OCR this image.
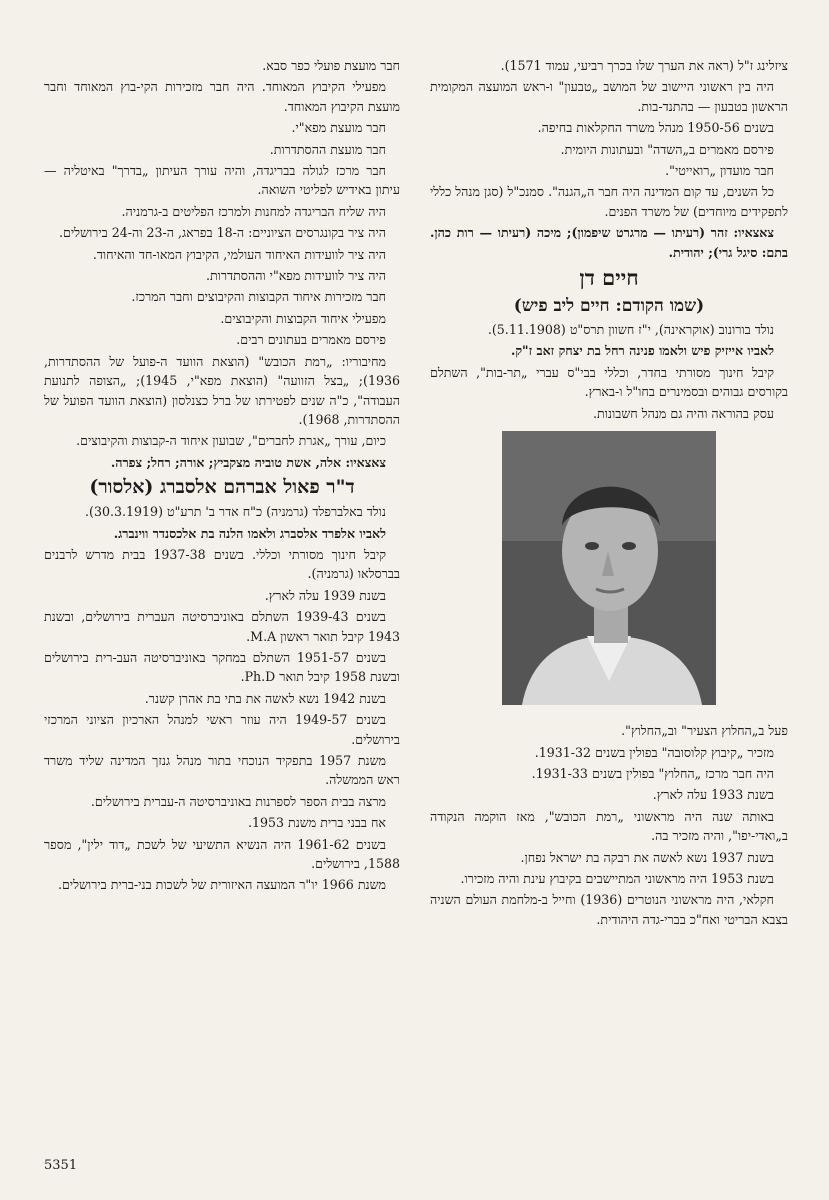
ציזלינג ז"ל (ראה את הערך שלו בכרך רביעי, עמוד 1571).

היה בין ראשוני היישוב של המושב „טבעון" ו-ראש המועצה המקומית הראשון בטבעון — בהתנד-בות.

בשנים 1950-56 מנהל משרד החקלאות בחיפה.

פירסם מאמרים ב„השדה" ובעתונות היומית.

חבר מועדון „רואייטי".

כל השנים, עד קום המדינה היה חבר ה„הגנה". סמנכ"ל (סגן מנהל כללי לתפקידים מיוחדים) של משרד הפנים.

צאצאיו: זהר (רעיתו — מרגרט שיפמון); מיכה (רעיתו — רות כהן. בתם: סיגל גרי); יהודית.

חיים דן

(שמו הקודם: חיים ליב פיש)

נולד בורונוב (אוקראינה), י"ז חשוון תרס"ט (5.11.1908).

לאביו אייזיק פיש ולאמו פנינה רחל בת יצחק זאב ז"ק.

קיבל חינוך מסורתי בחדר, וכללי בבי"ס עברי „תר-בות", השתלם בקורסים גבוהים ובסמינרים בחו"ל ו-בארץ.

עסק בהוראה והיה גם מנהל חשבונות.

פעל ב„החלוץ הצעיר" וב„החלוץ".

מזכיר „קיבוץ קלוסובה" בפולין בשנים 1931-32.

היה חבר מרכז „החלוץ" בפולין בשנים 1931-33.

בשנת 1933 עלה לארץ.

באותה שנה היה מראשוני „רמת הכובש", מאז הוקמה הנקודה ב„ואדי-יפו", והיה מזכיר בה.

בשנת 1937 נשא לאשה את רבקה בת ישראל נפחן.

בשנת 1953 היה מראשוני המתיישבים בקיבוץ עינת והיה מזכירו.

חקלאי, היה מראשוני הנוטרים (1936) וחייל ב-מלחמת העולם השניה בצבא הבריטי ואח"כ בברי-גדה היהודית.

חבר מועצת פועלי כפר סבא.

מפעילי הקיבוץ המאוחד. היה חבר מזכירות הקי-בוץ המאוחד וחבר מועצת הקיבוץ המאוחד.

חבר מועצת מפא"י.

חבר מועצת ההסתדרות.

חבר מרכז לגולה בבריגדה, והיה עורך העיתון „בדרך" באיטליה — עיתון באידיש לפליטי השואה.

היה שליח הבריגדה למחנות ולמרכז הפליטים ב-גרמניה.

היה ציר בקונגרסים הציוניים: ה-18 בפראג, ה-23 וה-24 בירושלים.

היה ציר לוועידות האיחוד העולמי, הקיבוץ המאו-חד והאיחוד.

היה ציר לוועידות מפא"י וההסתדרות.

חבר מזכירות איחוד הקבוצות והקיבוצים וחבר המרכז.

מפעילי איחוד הקבוצות והקיבוצים.

פירסם מאמרים בעתונים רבים.

מחיבוריו: „רמת הכובש" (הוצאת הוועד ה-פועל של ההסתדרות, 1936); „בצל הזוועה" (הוצאת מפא"י, 1945); „הצופה לתנועת העבודה", כ"ה שנים לפטירתו של ברל כצנלסון (הוצאת הוועד הפועל של ההסתדרות, 1968).

כיום, עורך „אגרת לחברים", שבועון איחוד ה-קבוצות והקיבוצים.

צאצאיו: אלה, אשת טוביה מצקביץ; אורה; רחל; צפרה.

ד"ר פאול אברהם אלסברג (אלסור)

נולד באלברפלד (גרמניה) כ"ח אדר ב' תרע"ט (30.3.1919).

לאביו אלפרד אלסברג ולאמו הלנה בת אלכסנדר ווינברג.

קיבל חינוך מסורתי וכללי. בשנים 1937-38 בבית מדרש לרבנים בברסלאו (גרמניה).

בשנת 1939 עלה לארץ.

בשנים 1939-43 השתלם באוניברסיטה העברית בירושלים, ובשנת 1943 קיבל תואר ראשון M.A.

בשנים 1951-57 השתלם במחקר באוניברסיטה העב-רית בירושלים ובשנת 1958 קיבל תואר Ph.D.

בשנת 1942 נשא לאשה את בתי בת אהרן קשנר.

בשנים 1949-57 היה עוזר ראשי למנהל הארכיון הציוני המרכזי בירושלים.

משנת 1957 בתפקיד הנוכחי בתור מנהל גנזך המדינה שליד משרד ראש הממשלה.

מרצה בבית הספר לספרנות באוניברסיטה ה-עברית בירושלים.

אח בבני ברית משנת 1953.

בשנים 1961-62 היה הנשיא התשיעי של לשכת „דוד ילין", מספר 1588, בירושלים.

משנת 1966 יו"ר המועצה האיזורית של לשכות בני-ברית בירושלים.

5351
